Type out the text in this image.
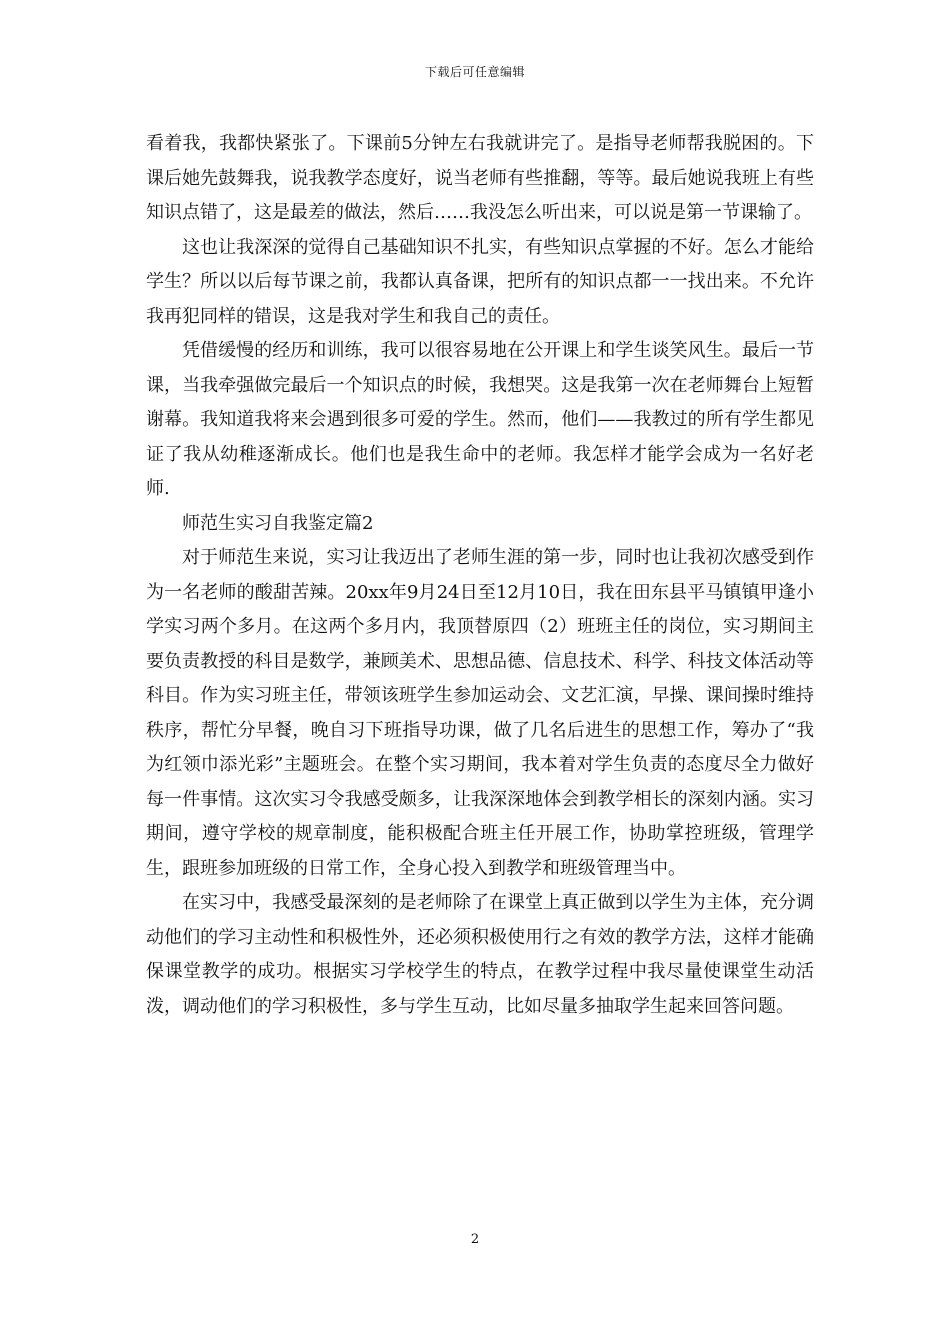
下载后可任意编辑

看着我，我都快紧张了。下课前5分钟左右我就讲完了。是指导老师帮我脱困的。下课后她先鼓舞我，说我教学态度好，说当老师有些推翻，等等。最后她说我班上有些知识点错了，这是最差的做法，然后……我没怎么听出来，可以说是第一节课输了。

这也让我深深的觉得自己基础知识不扎实，有些知识点掌握的不好。怎么才能给学生？所以以后每节课之前，我都认真备课，把所有的知识点都一一找出来。不允许我再犯同样的错误，这是我对学生和我自己的责任。

凭借缓慢的经历和训练，我可以很容易地在公开课上和学生谈笑风生。最后一节课，当我牵强做完最后一个知识点的时候，我想哭。这是我第一次在老师舞台上短暂谢幕。我知道我将来会遇到很多可爱的学生。然而，他们——我教过的所有学生都见证了我从幼稚逐渐成长。他们也是我生命中的老师。我怎样才能学会成为一名好老师.

师范生实习自我鉴定篇2

对于师范生来说，实习让我迈出了老师生涯的第一步，同时也让我初次感受到作为一名老师的酸甜苦辣。20xx年9月24日至12月10日，我在田东县平马镇镇甲逢小学实习两个多月。在这两个多月内，我顶替原四（2）班班主任的岗位，实习期间主要负责教授的科目是数学，兼顾美术、思想品德、信息技术、科学、科技文体活动等科目。作为实习班主任，带领该班学生参加运动会、文艺汇演，早操、课间操时维持秩序，帮忙分早餐，晚自习下班指导功课，做了几名后进生的思想工作，筹办了“我为红领巾添光彩”主题班会。在整个实习期间，我本着对学生负责的态度尽全力做好每一件事情。这次实习令我感受颇多，让我深深地体会到教学相长的深刻内涵。实习期间，遵守学校的规章制度，能积极配合班主任开展工作，协助掌控班级，管理学生，跟班参加班级的日常工作，全身心投入到教学和班级管理当中。

在实习中，我感受最深刻的是老师除了在课堂上真正做到以学生为主体，充分调动他们的学习主动性和积极性外，还必须积极使用行之有效的教学方法，这样才能确保课堂教学的成功。根据实习学校学生的特点，在教学过程中我尽量使课堂生动活泼，调动他们的学习积极性，多与学生互动，比如尽量多抽取学生起来回答问题。

2
